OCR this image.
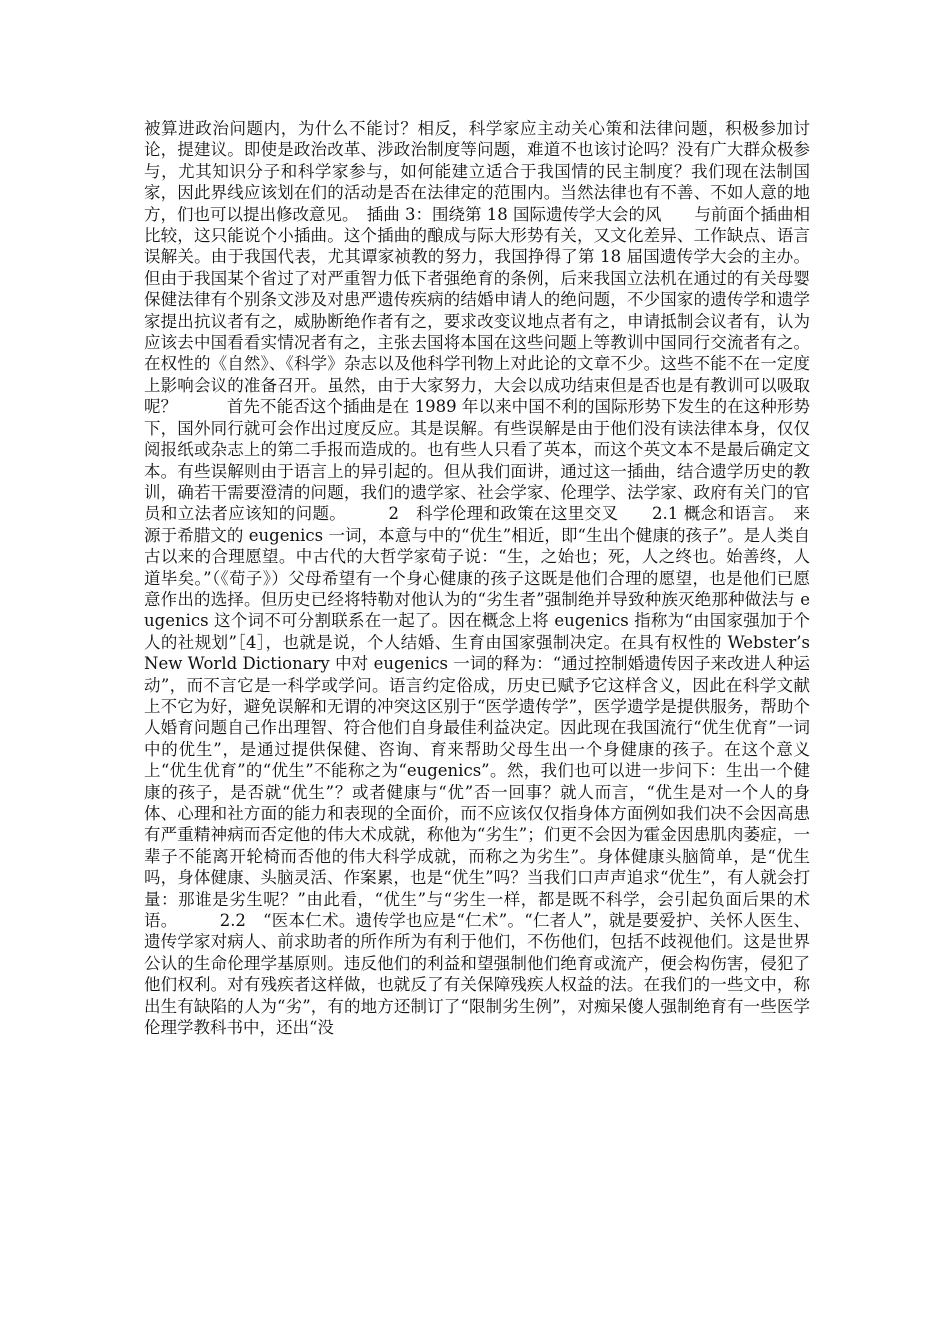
被算进政治问题内，为什么不能讨？相反，科学家应主动关心策和法律问题，积极参加讨论，提建议。即使是政治改革、涉政治制度等问题，难道不也该讨论吗？没有广大群众极参与，尤其知识分子和科学家参与，如何能建立适合于我国情的民主制度？我们现在法制国家，因此界线应该划在们的活动是否在法律定的范围内。当然法律也有不善、不如人意的地方，们也可以提出修改意见。　插曲 3：围绕第 18 国际遗传学大会的风　　与前面个插曲相比较，这只能说个小插曲。这个插曲的酿成与际大形势有关，又文化差异、工作缺点、语言误解关。由于我国代表，尤其谭家祯教的努力，我国挣得了第 18 届国遗传学大会的主办。但由于我国某个省过了对严重智力低下者强绝育的条例，后来我国立法机在通过的有关母婴保健法律有个别条文涉及对患严遗传疾病的结婚申请人的绝问题，不少国家的遗传学和遗学家提出抗议者有之，威胁断绝作者有之，要求改变议地点者有之，申请抵制会议者有，认为应该去中国看看实情况者有之，主张去国将本国在这些问题上等教训中国同行交流者有之。在权性的《自然》、《科学》杂志以及他科学刊物上对此论的文章不少。这些不能不在一定度上影响会议的准备召开。虽然，由于大家努力，大会以成功结束但是否也是有教训可以吸取呢？　　　首先不能否这个插曲是在 1989 年以来中国不利的国际形势下发生的在这种形势下，国外同行就可会作出过度反应。其是误解。有些误解是由于他们没有读法律本身，仅仅阅报纸或杂志上的第二手报而造成的。也有些人只看了英本，而这个英文本不是最后确定文本。有些误解则由于语言上的异引起的。但从我们面讲，通过这一插曲，结合遗学历史的教训，确若干需要澄清的问题，我们的遗学家、社会学家、伦理学、法学家、政府有关门的官员和立法者应该知的问题。　　　2　科学伦理和政策在这里交叉　　2.1 概念和语言。　来源于希腊文的 eugenics 一词，本意与中的“优生”相近，即“生出个健康的孩子”。是人类自古以来的合理愿望。中古代的大哲学家荀子说：“生，之始也；死，人之终也。始善终，人道毕矣。”（《荀子》）父母希望有一个身心健康的孩子这既是他们合理的愿望，也是他们已愿意作出的选择。但历史已经将特勒对他认为的“劣生者”强制绝并导致种族灭绝那种做法与 eugenics 这个词不可分割联系在一起了。因在概念上将 eugenics 指称为“由国家强加于个人的社规划”［4］，也就是说，个人结婚、生育由国家强制决定。在具有权性的 Webster’s New World Dictionary 中对 eugenics 一词的释为：“通过控制婚遗传因子来改进人种运动”，而不言它是一科学或学问。语言约定俗成，历史已赋予它这样含义，因此在科学文献上不它为好，避免误解和无谓的冲突这区别于“医学遗传学”，医学遗学是提供服务，帮助个人婚育问题自己作出理智、符合他们自身最佳利益决定。因此现在我国流行“优生优育”一词中的优生”，是通过提供保健、咨询、育来帮助父母生出一个身健康的孩子。在这个意义上“优生优育”的“优生”不能称之为“eugenics”。然，我们也可以进一步问下：生出一个健康的孩子，是否就“优生”？或者健康与“优”否一回事？就人而言，“优生是对一个人的身体、心理和社方面的能力和表现的全面价，而不应该仅仅指身体方面例如我们决不会因高患有严重精神病而否定他的伟大术成就，称他为“劣生”；们更不会因为霍金因患肌肉萎症，一辈子不能离开轮椅而否他的伟大科学成就，而称之为劣生”。身体健康头脑简单，是“优生吗，身体健康、头脑灵活、作案累，也是“优生”吗？当我们口声声追求“优生”，有人就会打量：那谁是劣生呢？”由此看，“优生”与“劣生一样，都是既不科学，会引起负面后果的术语。　　　2.2　“医本仁术。遗传学也应是“仁术”。“仁者人”，就是要爱护、关怀人医生、遗传学家对病人、前求助者的所作所为有利于他们，不伤他们，包括不歧视他们。这是世界公认的生命伦理学基原则。违反他们的利益和望强制他们绝育或流产，便会构伤害，侵犯了他们权利。对有残疾者这样做，也就反了有关保障残疾人权益的法。在我们的一些文中，称出生有缺陷的人为“劣”，有的地方还制订了“限制劣生例”，对痴呆傻人强制绝育有一些医学伦理学教科书中，还出“没
